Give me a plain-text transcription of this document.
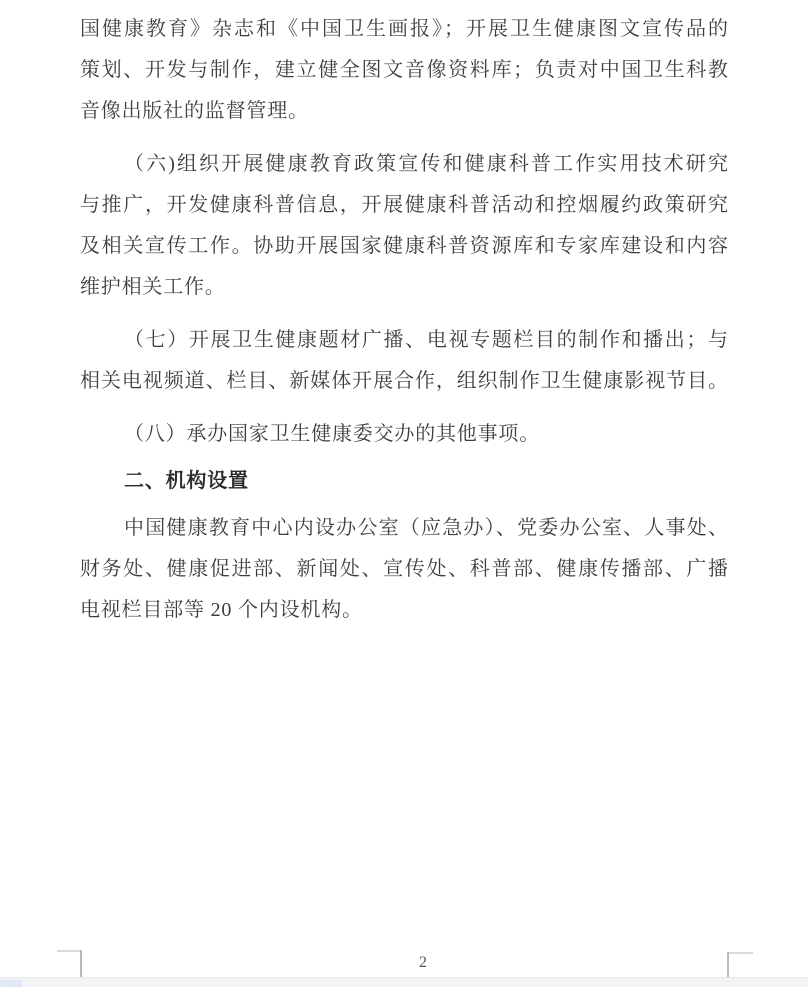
国健康教育》杂志和《中国卫生画报》；开展卫生健康图文宣传品的
策划、开发与制作，建立健全图文音像资料库；负责对中国卫生科教
音像出版社的监督管理。
（六)组织开展健康教育政策宣传和健康科普工作实用技术研究
与推广，开发健康科普信息，开展健康科普活动和控烟履约政策研究
及相关宣传工作。协助开展国家健康科普资源库和专家库建设和内容
维护相关工作。
（七）开展卫生健康题材广播、电视专题栏目的制作和播出；与
相关电视频道、栏目、新媒体开展合作，组织制作卫生健康影视节目。
（八）承办国家卫生健康委交办的其他事项。
二、机构设置
中国健康教育中心内设办公室（应急办）、党委办公室、人事处、
财务处、健康促进部、新闻处、宣传处、科普部、健康传播部、广播
电视栏目部等 20 个内设机构。
2
